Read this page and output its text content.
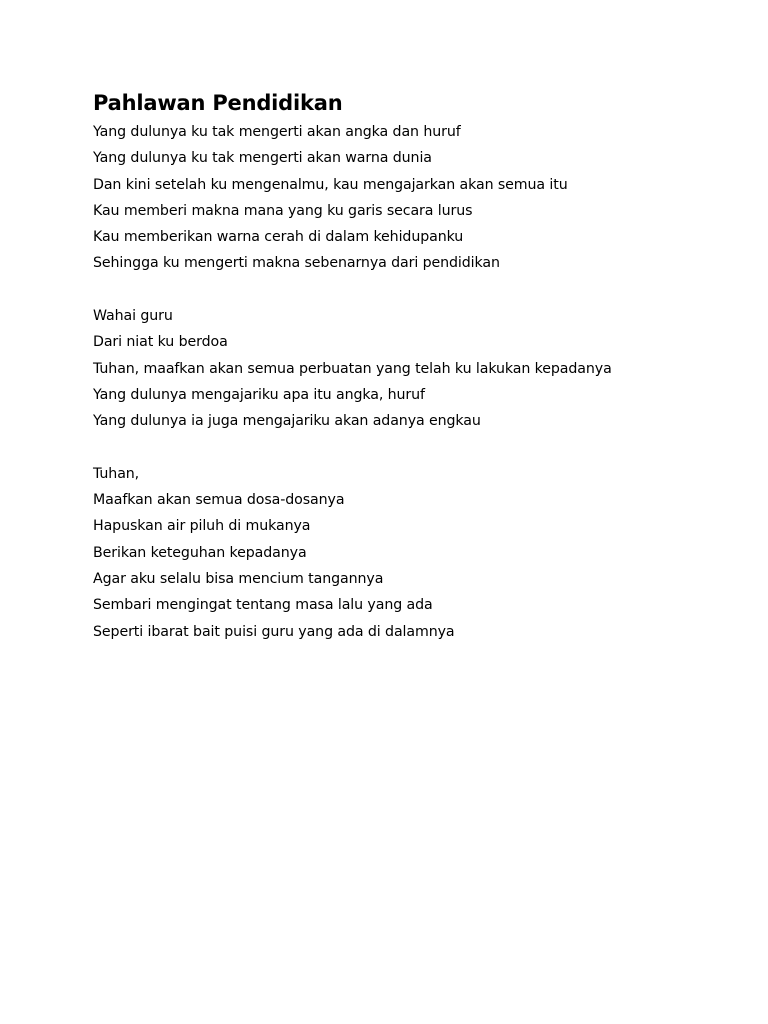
Pahlawan Pendidikan
Yang dulunya ku tak mengerti akan angka dan huruf
Yang dulunya ku tak mengerti akan warna dunia
Dan kini setelah ku mengenalmu, kau mengajarkan akan semua itu
Kau memberi makna mana yang ku garis secara lurus
Kau memberikan warna cerah di dalam kehidupanku
Sehingga ku mengerti makna sebenarnya dari pendidikan
Wahai guru
Dari niat ku berdoa
Tuhan, maafkan akan semua perbuatan yang telah ku lakukan kepadanya
Yang dulunya mengajariku apa itu angka, huruf
Yang dulunya ia juga mengajariku akan adanya engkau
Tuhan,
Maafkan akan semua dosa-dosanya
Hapuskan air piluh di mukanya
Berikan keteguhan kepadanya
Agar aku selalu bisa mencium tangannya
Sembari mengingat tentang masa lalu yang ada
Seperti ibarat bait puisi guru yang ada di dalamnya
